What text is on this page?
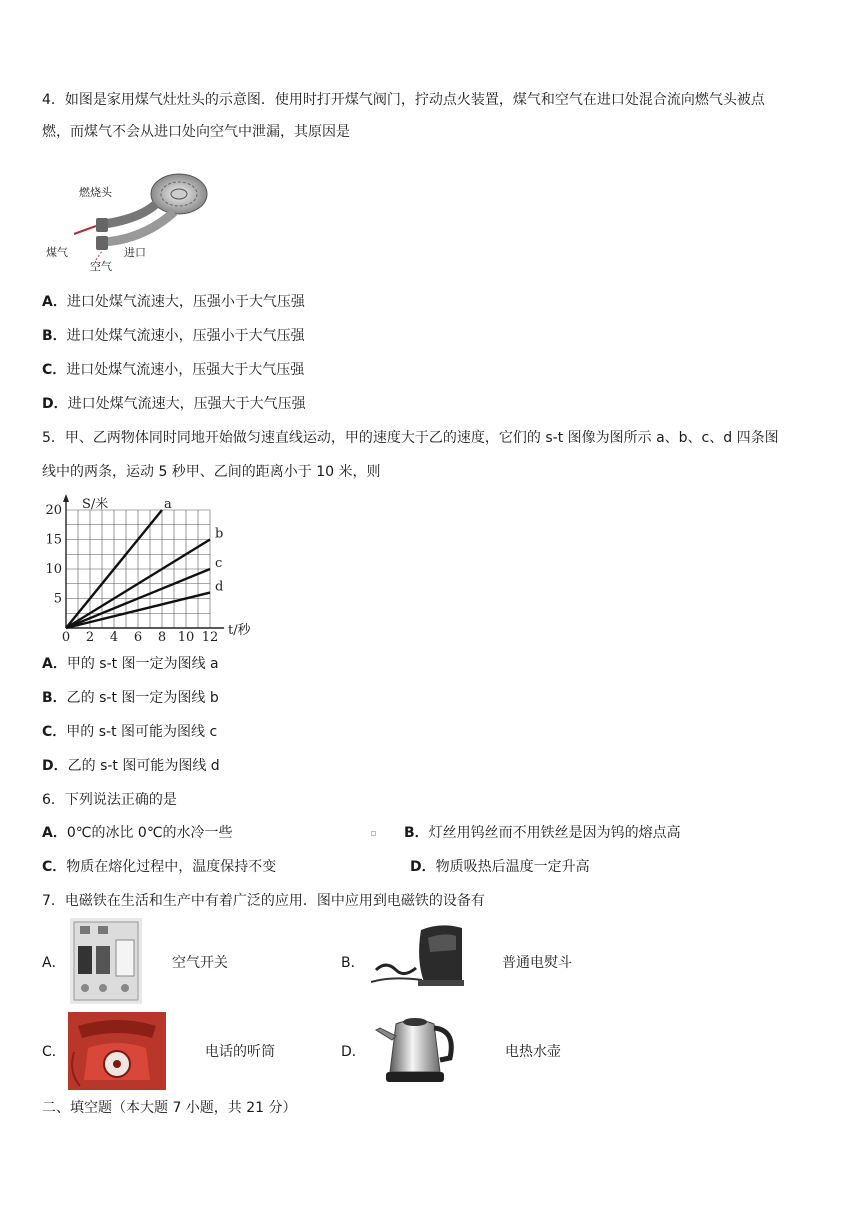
4．如图是家用煤气灶灶头的示意图．使用时打开煤气阀门，拧动点火装置，煤气和空气在进口处混合流向燃气头被点
燃，而煤气不会从进口处向空气中泄漏，其原因是
燃烧头
煤气
空气
进口
A．进口处煤气流速大，压强小于大气压强
B．进口处煤气流速小，压强小于大气压强
C．进口处煤气流速小，压强大于大气压强
D．进口处煤气流速大，压强大于大气压强
5．甲、乙两物体同时同地开始做匀速直线运动，甲的速度大于乙的速度，它们的 s-t 图像为图所示 a、b、c、d 四条图
线中的两条，运动 5 秒甲、乙间的距离小于 10 米，则
a
b
c
d
0 2 4 6 8 10 12
5
10
15
20 S/米
t/秒
A．甲的 s-t 图一定为图线 a
B．乙的 s-t 图一定为图线 b
C．甲的 s-t 图可能为图线 c
D．乙的 s-t 图可能为图线 d
6．下列说法正确的是
A．0℃的冰比 0℃的水冷一些	B．灯丝用钨丝而不用铁丝是因为钨的熔点高
C．物质在熔化过程中，温度保持不变	D．物质吸热后温度一定升高
7．电磁铁在生活和生产中有着广泛的应用．图中应用到电磁铁的设备有
A．	空气开关	B．	普通电熨斗
C．	电话的听筒	D．	电热水壶
二、填空题（本大题 7 小题，共 21 分）
